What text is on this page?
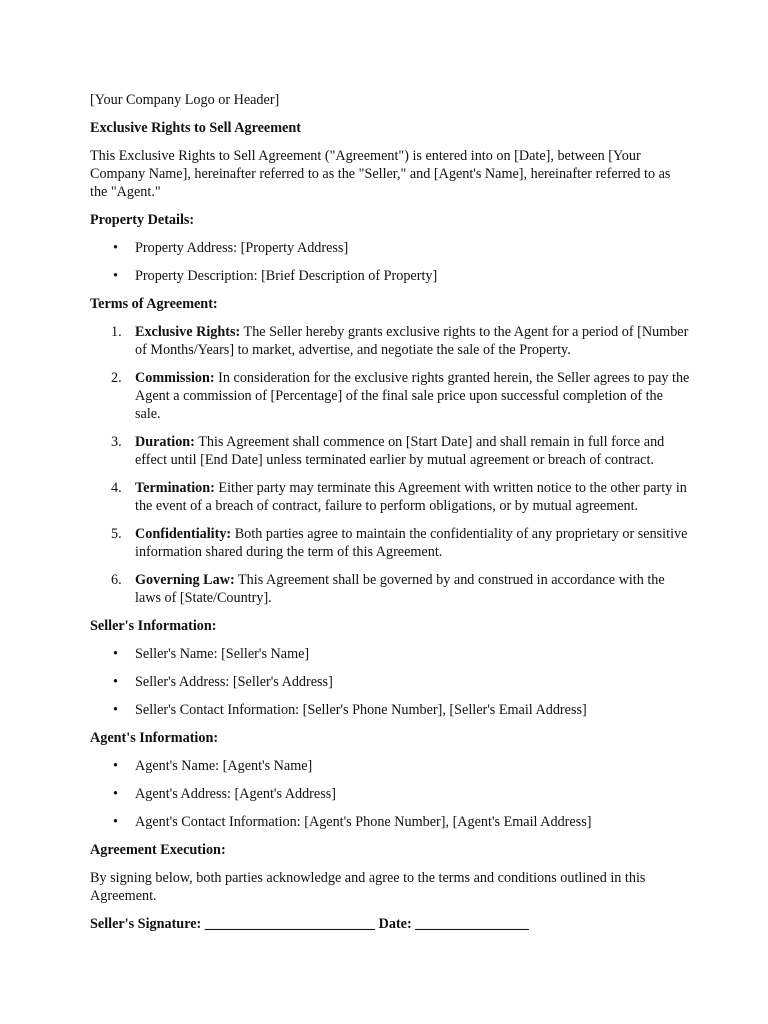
[Your Company Logo or Header]

Exclusive Rights to Sell Agreement

This Exclusive Rights to Sell Agreement ("Agreement") is entered into on [Date], between [Your Company Name], hereinafter referred to as the "Seller," and [Agent's Name], hereinafter referred to as the "Agent."

Property Details:

• Property Address: [Property Address]
• Property Description: [Brief Description of Property]

Terms of Agreement:

1. Exclusive Rights: The Seller hereby grants exclusive rights to the Agent for a period of [Number of Months/Years] to market, advertise, and negotiate the sale of the Property.
2. Commission: In consideration for the exclusive rights granted herein, the Seller agrees to pay the Agent a commission of [Percentage] of the final sale price upon successful completion of the sale.
3. Duration: This Agreement shall commence on [Start Date] and shall remain in full force and effect until [End Date] unless terminated earlier by mutual agreement or breach of contract.
4. Termination: Either party may terminate this Agreement with written notice to the other party in the event of a breach of contract, failure to perform obligations, or by mutual agreement.
5. Confidentiality: Both parties agree to maintain the confidentiality of any proprietary or sensitive information shared during the term of this Agreement.
6. Governing Law: This Agreement shall be governed by and construed in accordance with the laws of [State/Country].

Seller's Information:

• Seller's Name: [Seller's Name]
• Seller's Address: [Seller's Address]
• Seller's Contact Information: [Seller's Phone Number], [Seller's Email Address]

Agent's Information:

• Agent's Name: [Agent's Name]
• Agent's Address: [Agent's Address]
• Agent's Contact Information: [Agent's Phone Number], [Agent's Email Address]

Agreement Execution:

By signing below, both parties acknowledge and agree to the terms and conditions outlined in this Agreement.

Seller's Signature: ________________________ Date: ________________
